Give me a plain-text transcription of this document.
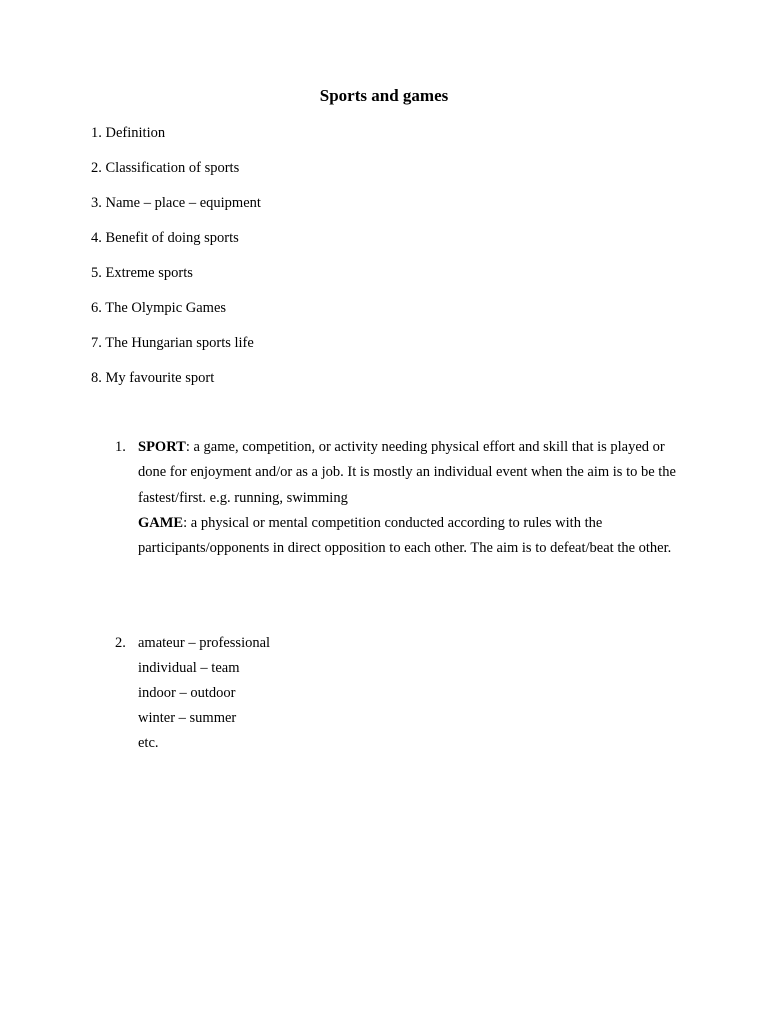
Sports and games
1. Definition
2. Classification of sports
3. Name – place – equipment
4. Benefit of doing sports
5. Extreme sports
6. The Olympic Games
7. The Hungarian sports life
8. My favourite sport
1. SPORT: a game, competition, or activity needing physical effort and skill that is played or done for enjoyment and/or as a job. It is mostly an individual event when the aim is to be the fastest/first. e.g. running, swimming
GAME: a physical or mental competition conducted according to rules with the participants/opponents in direct opposition to each other. The aim is to defeat/beat the other.
2. amateur – professional
individual – team
indoor – outdoor
winter – summer
etc.
